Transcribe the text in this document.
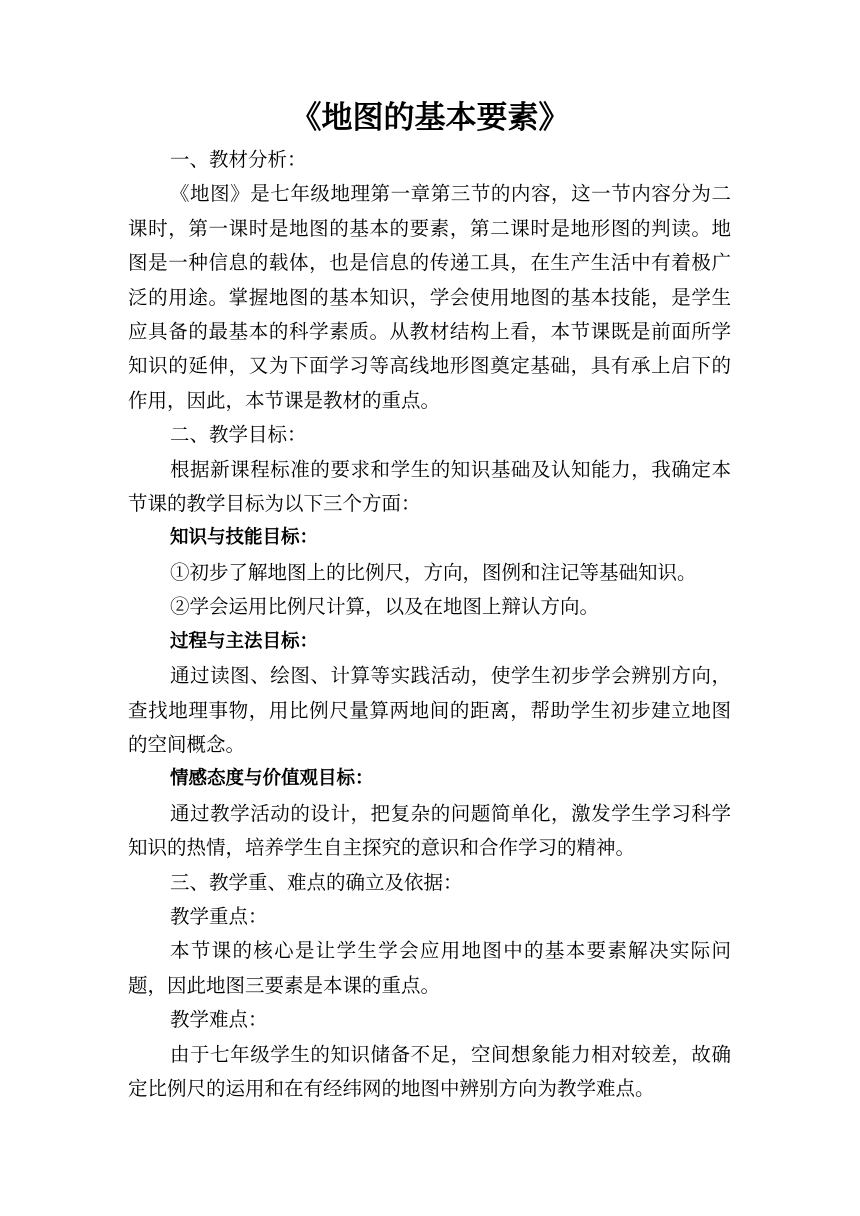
《地图的基本要素》

一、教材分析：

《地图》是七年级地理第一章第三节的内容，这一节内容分为二课时，第一课时是地图的基本的要素，第二课时是地形图的判读。地图是一种信息的载体，也是信息的传递工具，在生产生活中有着极广泛的用途。掌握地图的基本知识，学会使用地图的基本技能，是学生应具备的最基本的科学素质。从教材结构上看，本节课既是前面所学知识的延伸，又为下面学习等高线地形图奠定基础，具有承上启下的作用，因此，本节课是教材的重点。

二、教学目标：

根据新课程标准的要求和学生的知识基础及认知能力，我确定本节课的教学目标为以下三个方面：

知识与技能目标：

①初步了解地图上的比例尺，方向，图例和注记等基础知识。

②学会运用比例尺计算，以及在地图上辩认方向。

过程与主法目标：

通过读图、绘图、计算等实践活动，使学生初步学会辨别方向，查找地理事物，用比例尺量算两地间的距离，帮助学生初步建立地图的空间概念。

情感态度与价值观目标：

通过教学活动的设计，把复杂的问题简单化，激发学生学习科学知识的热情，培养学生自主探究的意识和合作学习的精神。

三、教学重、难点的确立及依据：

教学重点：

本节课的核心是让学生学会应用地图中的基本要素解决实际问题，因此地图三要素是本课的重点。

教学难点：

由于七年级学生的知识储备不足，空间想象能力相对较差，故确定比例尺的运用和在有经纬网的地图中辨别方向为教学难点。
